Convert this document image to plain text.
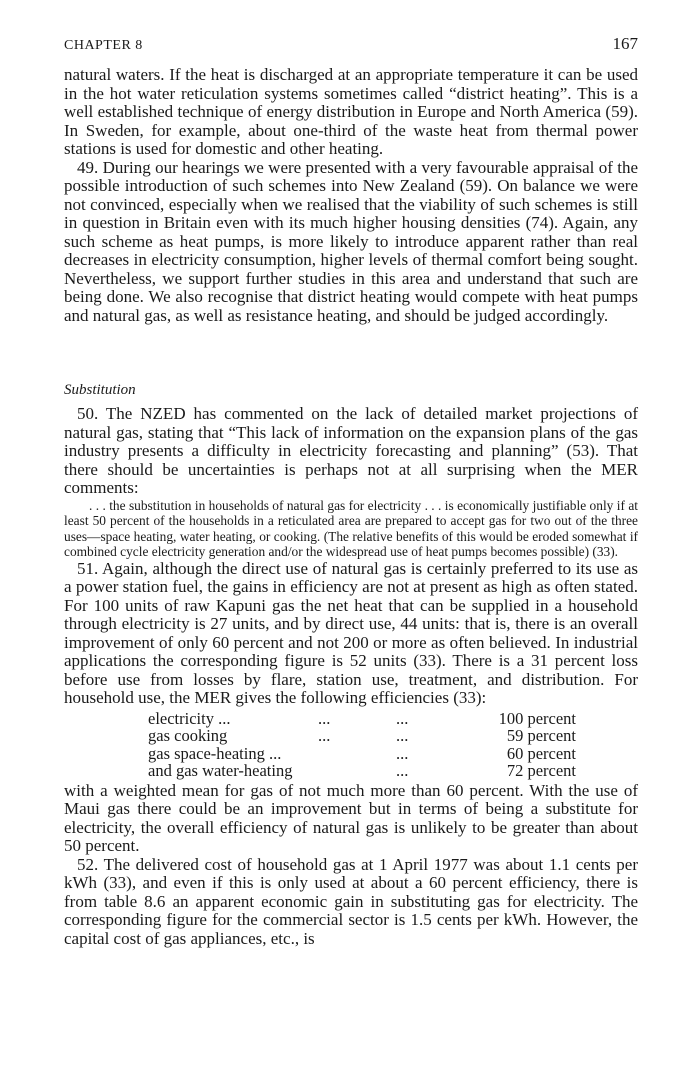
CHAPTER 8	167

natural waters. If the heat is discharged at an appropriate temperature it can be used in the hot water reticulation systems sometimes called “district heating”. This is a well established technique of energy distribution in Europe and North America (59). In Sweden, for example, about one-third of the waste heat from thermal power stations is used for domestic and other heating.

49. During our hearings we were presented with a very favourable appraisal of the possible introduction of such schemes into New Zealand (59). On balance we were not convinced, especially when we realised that the viability of such schemes is still in question in Britain even with its much higher housing densities (74). Again, any such scheme as heat pumps, is more likely to introduce apparent rather than real decreases in electricity consumption, higher levels of thermal comfort being sought. Nevertheless, we support further studies in this area and understand that such are being done. We also recognise that district heating would compete with heat pumps and natural gas, as well as resistance heating, and should be judged accordingly.

Substitution

50. The NZED has commented on the lack of detailed market projections of natural gas, stating that “This lack of information on the expansion plans of the gas industry presents a difficulty in electricity forecasting and planning” (53). That there should be uncertainties is perhaps not at all surprising when the MER comments:

. . . the substitution in households of natural gas for electricity . . . is economically justifiable only if at least 50 percent of the households in a reticulated area are prepared to accept gas for two out of the three uses—space heating, water heating, or cooking. (The relative benefits of this would be eroded somewhat if combined cycle electricity generation and/or the widespread use of heat pumps becomes possible) (33).

51. Again, although the direct use of natural gas is certainly preferred to its use as a power station fuel, the gains in efficiency are not at present as high as often stated. For 100 units of raw Kapuni gas the net heat that can be supplied in a household through electricity is 27 units, and by direct use, 44 units: that is, there is an overall improvement of only 60 percent and not 200 or more as often believed. In industrial applications the corresponding figure is 52 units (33). There is a 31 percent loss before use from losses by flare, station use, treatment, and distribution. For household use, the MER gives the following efficiencies (33):

electricity ...	...	...	100 percent
gas cooking	...	...	59 percent
gas space-heating ...		...	60 percent
and gas water-heating		...	72 percent

with a weighted mean for gas of not much more than 60 percent. With the use of Maui gas there could be an improvement but in terms of being a substitute for electricity, the overall efficiency of natural gas is unlikely to be greater than about 50 percent.

52. The delivered cost of household gas at 1 April 1977 was about 1.1 cents per kWh (33), and even if this is only used at about a 60 percent efficiency, there is from table 8.6 an apparent economic gain in substituting gas for electricity. The corresponding figure for the commercial sector is 1.5 cents per kWh. However, the capital cost of gas appliances, etc., is
